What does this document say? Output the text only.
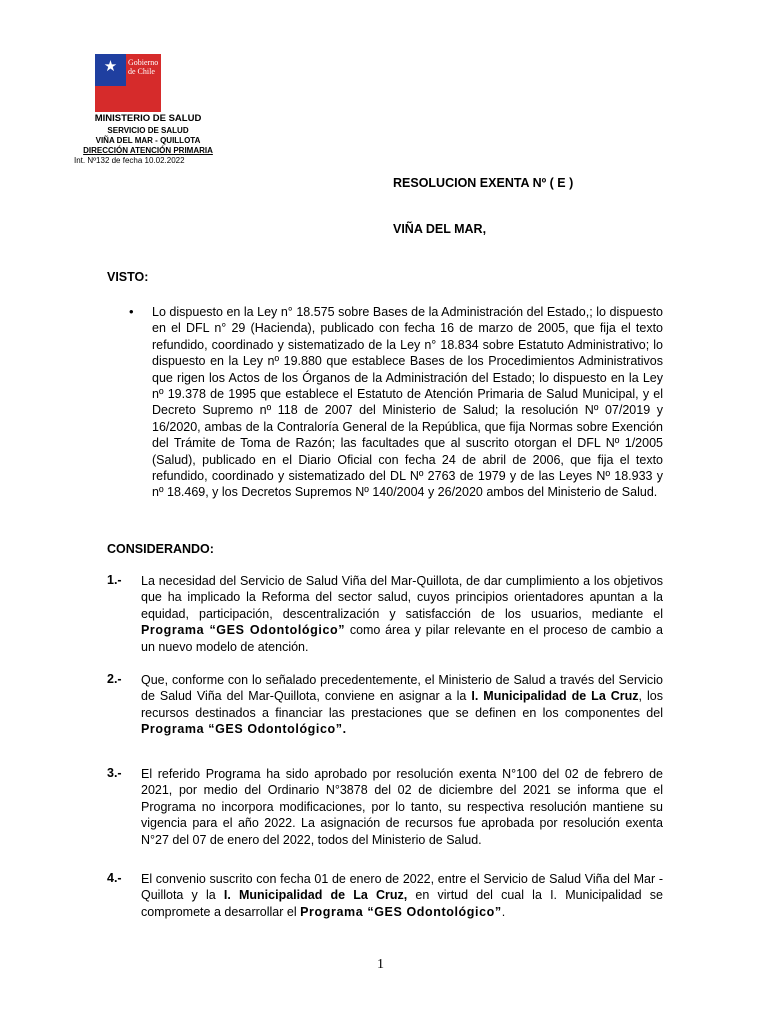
★	Gobierno
de Chile
MINISTERIO DE SALUD
SERVICIO DE SALUD
VIÑA DEL MAR - QUILLOTA
DIRECCIÓN ATENCIÓN PRIMARIA
Int. Nº132 de fecha 10.02.2022
RESOLUCION EXENTA Nº ( E )
VIÑA DEL MAR,
VISTO:
• Lo dispuesto en la Ley n° 18.575 sobre Bases de la Administración del Estado,; lo dispuesto en el DFL n° 29 (Hacienda), publicado con fecha 16 de marzo de 2005, que fija el texto refundido, coordinado y sistematizado de la Ley n° 18.834 sobre Estatuto Administrativo; lo dispuesto en la Ley nº 19.880 que establece Bases de los Procedimientos Administrativos que rigen los Actos de los Órganos de la Administración del Estado; lo dispuesto en la Ley nº 19.378 de 1995 que establece el Estatuto de Atención Primaria de Salud Municipal, y el Decreto Supremo nº 118 de 2007 del Ministerio de Salud; la resolución Nº 07/2019 y 16/2020, ambas de la Contraloría General de la República, que fija Normas sobre Exención del Trámite de Toma de Razón; las facultades que al suscrito otorgan el DFL Nº 1/2005 (Salud), publicado en el Diario Oficial con fecha 24 de abril de 2006, que fija el texto refundido, coordinado y sistematizado del DL Nº 2763 de 1979 y de las Leyes Nº 18.933 y nº 18.469, y los Decretos Supremos Nº 140/2004 y 26/2020 ambos del Ministerio de Salud.

CONSIDERANDO:
1.- La necesidad del Servicio de Salud Viña del Mar-Quillota, de dar cumplimiento a los objetivos que ha implicado la Reforma del sector salud, cuyos principios orientadores apuntan a la equidad, participación, descentralización y satisfacción de los usuarios, mediante el Programa “GES Odontológico” como área y pilar relevante en el proceso de cambio a un nuevo modelo de atención.

2.- Que, conforme con lo señalado precedentemente, el Ministerio de Salud a través del Servicio de Salud Viña del Mar-Quillota, conviene en asignar a la I. Municipalidad de La Cruz, los recursos destinados a financiar las prestaciones que se definen en los componentes del Programa “GES Odontológico”.

3.- El referido Programa ha sido aprobado por resolución exenta N°100 del 02 de febrero de 2021, por medio del Ordinario N°3878 del 02 de diciembre del 2021 se informa que el Programa no incorpora modificaciones, por lo tanto, su respectiva resolución mantiene su vigencia para el año 2022. La asignación de recursos fue aprobada por resolución exenta N°27 del 07 de enero del 2022, todos del Ministerio de Salud.

4.- El convenio suscrito con fecha 01 de enero de 2022, entre el Servicio de Salud Viña del Mar - Quillota y la I. Municipalidad de La Cruz, en virtud del cual la I. Municipalidad se compromete a desarrollar el Programa “GES Odontológico”.

1
